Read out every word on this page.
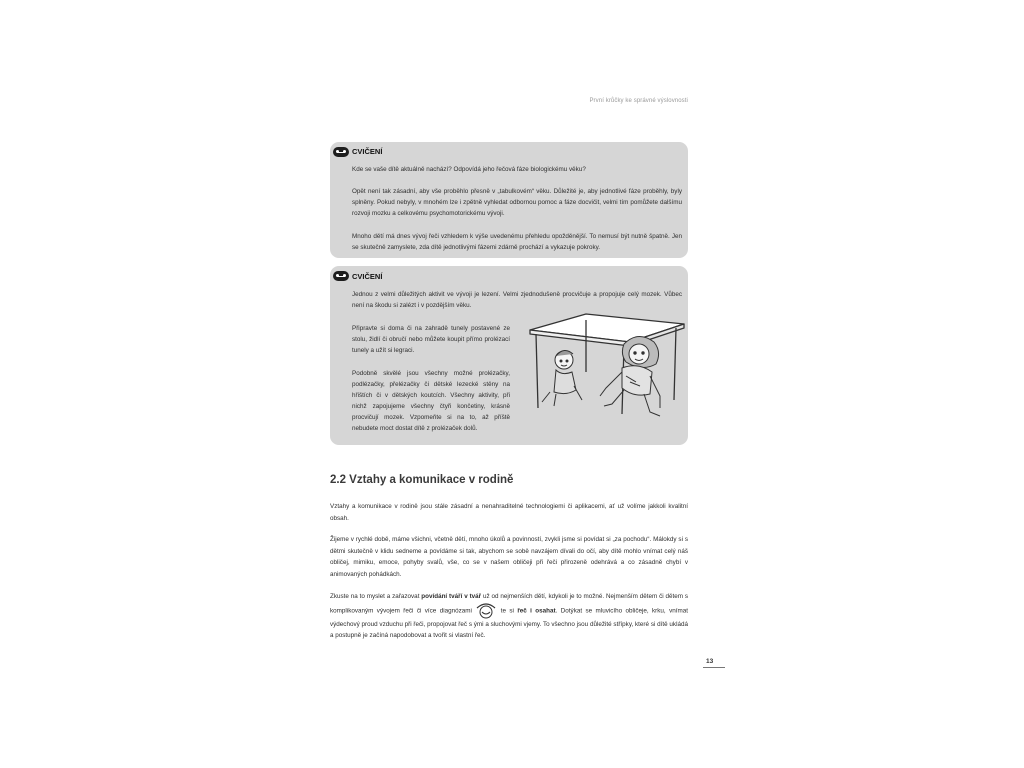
První krůčky ke správné výslovnosti
CVIČENÍ

Kde se vaše dítě aktuálně nachází? Odpovídá jeho řečová fáze biologickému věku?

Opět není tak zásadní, aby vše proběhlo přesně v „tabulkovém“ věku. Důležité je, aby jednotlivé fáze proběhly, byly splněny. Pokud nebyly, v mnohém lze i zpětně vyhledat odbornou pomoc a fáze docvičit, velmi tím pomůžete dalšímu rozvoji mozku a celkovému psychomotorickému vývoji.

Mnoho dětí má dnes vývoj řeči vzhledem k výše uvedenému přehledu opožděnější. To nemusí být nutně špatně. Jen se skutečně zamyslete, zda dítě jednotlivými fázemi zdárně prochází a vykazuje pokroky.

CVIČENÍ

Jednou z velmi důležitých aktivit ve vývoji je lezení. Velmi zjednodušeně procvičuje a propojuje celý mozek. Vůbec není na škodu si zalézt i v pozdějším věku.

Připravte si doma či na zahradě tunely postavené ze stolu, židlí či obručí nebo můžete koupit přímo prolézací tunely a užít si legraci.

Podobně skvělé jsou všechny možné prolézačky, podlézačky, přelézačky či dětské lezecké stěny na hřištích či v dětských koutcích. Všechny aktivity, při nichž zapojujeme všechny čtyři končetiny, krásně procvičují mozek. Vzpomeňte si na to, až příště nebudete moct dostat dítě z prolézaček dolů.

2.2 Vztahy a komunikace v rodině

Vztahy a komunikace v rodině jsou stále zásadní a nenahraditelné technologiemi či aplikacemi, ať už volíme jakkoli kvalitní obsah.

Žijeme v rychlé době, máme všichni, včetně dětí, mnoho úkolů a povinností, zvykli jsme si povídat si „za pochodu“. Málokdy si s dětmi skutečně v klidu sedneme a povídáme si tak, abychom se sobě navzájem dívali do očí, aby dítě mohlo vnímat celý náš obličej, mimiku, emoce, pohyby svalů, vše, co se v našem obličeji při řeči přirozeně odehrává a co zásadně chybí v animovaných pohádkách.

Zkuste na to myslet a zařazovat povídání tváří v tvář už od nejmenších dětí, kdykoli je to možné. Nejmenším dětem či dětem s komplikovaným vývojem řeči či více diagnózami	te si řeč i osahat. Dotýkat se mluvicího obličeje, krku, vnímat výdechový proud vzduchu při řeči, propojovat řeč s ými a sluchovými vjemy. To všechno jsou důležité střípky, které si dítě ukládá a postupně je začíná napodobovat a tvořit si vlastní řeč.

13
